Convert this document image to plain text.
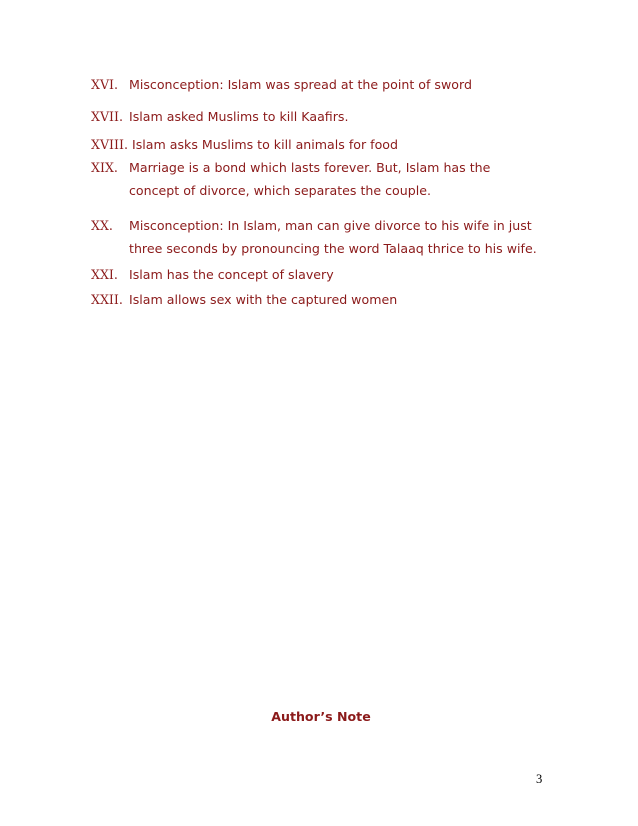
XVI. Misconception: Islam was spread at the point of sword
XVII. Islam asked Muslims to kill Kaafirs.
XVIII. Islam asks Muslims to kill animals for food
XIX. Marriage is a bond which lasts forever. But, Islam has the
concept of divorce, which separates the couple.
XX. Misconception: In Islam, man can give divorce to his wife in just
three seconds by pronouncing the word Talaaq thrice to his wife.
XXI. Islam has the concept of slavery
XXII. Islam allows sex with the captured women
Author’s Note
3
